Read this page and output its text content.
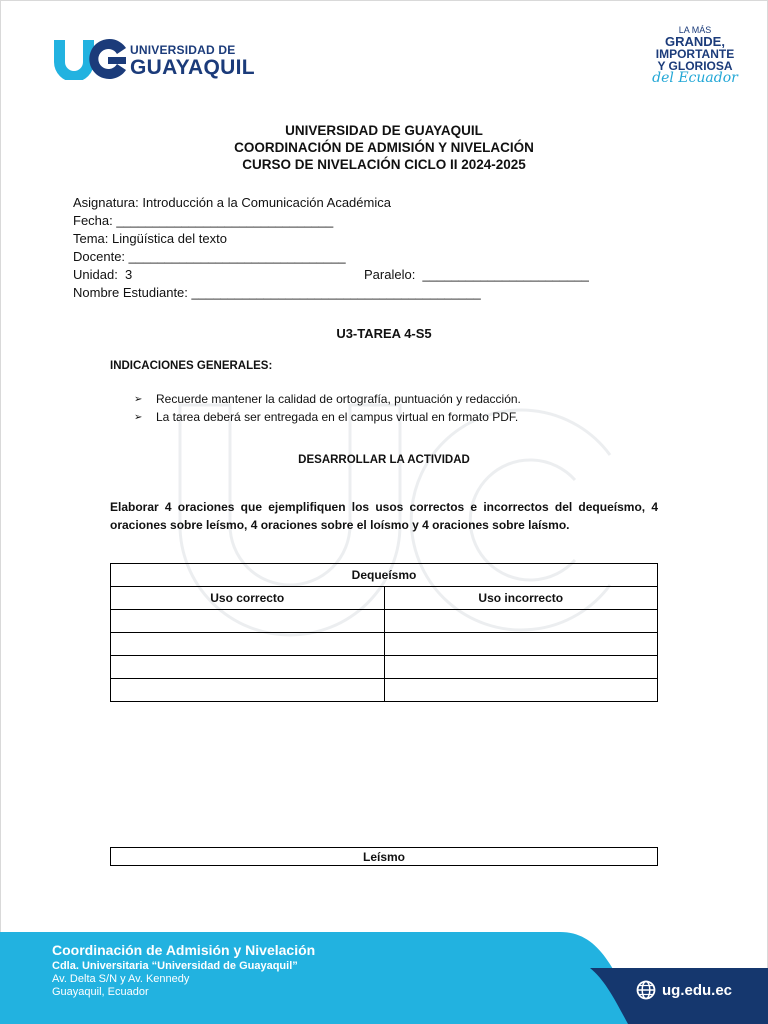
UNIVERSIDAD DE
GUAYAQUIL
LA MÁS
GRANDE,
IMPORTANTE
Y GLORIOSA
del Ecuador
UNIVERSIDAD DE GUAYAQUIL
COORDINACIÓN DE ADMISIÓN Y NIVELACIÓN
CURSO DE NIVELACIÓN CICLO II 2024-2025
Asignatura: Introducción a la Comunicación Académica
Fecha: ______________________________
Tema: Lingüística del texto
Docente: ______________________________
Unidad:  3	Paralelo:  _______________________
Nombre Estudiante: ________________________________________
U3-TAREA 4-S5
INDICACIONES GENERALES:
➢	Recuerde mantener la calidad de ortografía, puntuación y redacción.
➢	La tarea deberá ser entregada en el campus virtual en formato PDF.
DESARROLLAR LA ACTIVIDAD
Elaborar 4 oraciones que ejemplifiquen los usos correctos e incorrectos del dequeísmo, 4 oraciones sobre leísmo, 4 oraciones sobre el loísmo y 4 oraciones sobre laísmo.
Dequeísmo	
Uso correcto	Uso incorrecto

Leísmo
Coordinación de Admisión y Nivelación
Cdla. Universitaria “Universidad de Guayaquil”
Av. Delta S/N y Av. Kennedy
Guayaquil, Ecuador	ug.edu.ec
